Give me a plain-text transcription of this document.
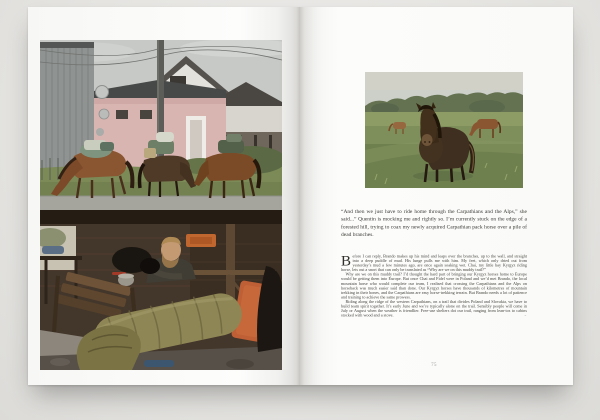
“And then we just have to ride home through the Carpathians and the Alps,” she said...” Quentin is mocking me and rightly so. I’m currently stuck on the edge of a forested hill, trying to coax my newly acquired Carpathian pack horse over a pile of dead branches.

Before I can reply, Brando makes up his mind and leaps over the branches, up to the wall, and straight into a deep puddle of mud. His lunge pulls me with him. My feet, which only dried out from yesterday’s mud a few minutes ago, are once again soaking wet. Chai, my little bay Kyrgyz riding horse, lets out a snort that can only be translated as “Why are we on this muddy trail?”

Why are we on this muddy trail? I’d thought the hard part of bringing our Kyrgyz horses home to Europe would be getting them into Europe. But once Chai and Fidel were in Poland and we’d met Brando, the local mountain horse who would complete our team, I realised that crossing the Carpathians and the Alps on horseback was much easier said than done. Our Kyrgyz horses have thousands of kilometres of mountain trekking in their bones, and the Carpathians are easy horse-trekking terrain. But Brando needs a lot of patience and training to achieve the same prowess.

Riding along the ridge of the western Carpathians, on a trail that divides Poland and Slovakia, we have to build team spirit together. It’s early June and we’re typically alone on the trail. Sensibly people will come in July or August when the weather is friendlier. Free-use shelters dot our trail, ranging from lean-tos to cabins stocked with wood and a stove.	→

75
